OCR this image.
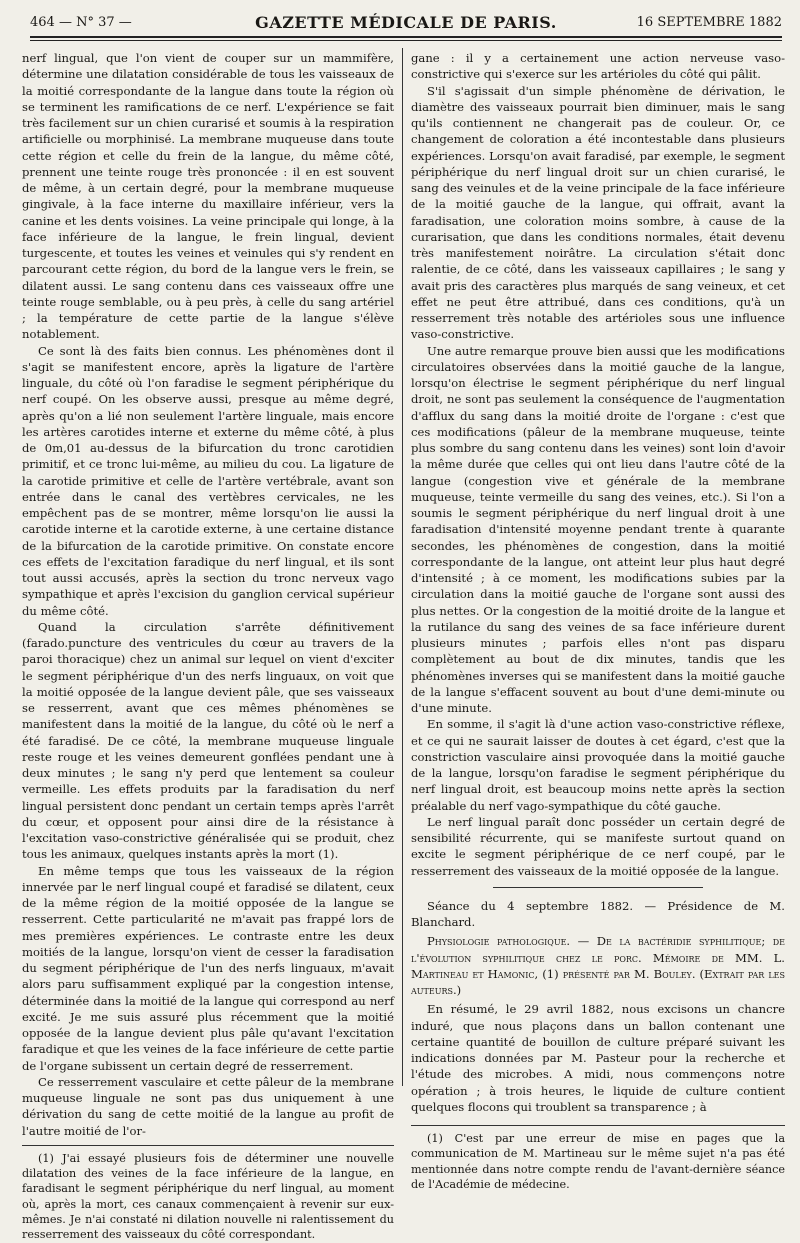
464 — N° 37 —	GAZETTE MÉDICALE DE PARIS.	16 SEPTEMBRE 1882

nerf lingual, que l'on vient de couper sur un mammifère, détermine une dilatation considérable de tous les vaisseaux de la moitié correspondante de la langue dans toute la région où se terminent les ramifications de ce nerf. L'expérience se fait très facilement sur un chien curarisé et soumis à la respiration artificielle ou morphinisé. La membrane muqueuse dans toute cette région et celle du frein de la langue, du même côté, prennent une teinte rouge très prononcée : il en est souvent de même, à un certain degré, pour la membrane muqueuse gingivale, à la face interne du maxillaire inférieur, vers la canine et les dents voisines. La veine principale qui longe, à la face inférieure de la langue, le frein lingual, devient turgescente, et toutes les veines et veinules qui s'y rendent en parcourant cette région, du bord de la langue vers le frein, se dilatent aussi. Le sang contenu dans ces vaisseaux offre une teinte rouge semblable, ou à peu près, à celle du sang artériel ; la température de cette partie de la langue s'élève notablement.

Ce sont là des faits bien connus. Les phénomènes dont il s'agit se manifestent encore, après la ligature de l'artère linguale, du côté où l'on faradise le segment périphérique du nerf coupé. On les observe aussi, presque au même degré, après qu'on a lié non seulement l'artère linguale, mais encore les artères carotides interne et externe du même côté, à plus de 0m,01 au-dessus de la bifurcation du tronc carotidien primitif, et ce tronc lui-même, au milieu du cou. La ligature de la carotide primitive et celle de l'artère vertébrale, avant son entrée dans le canal des vertèbres cervicales, ne les empêchent pas de se montrer, même lorsqu'on lie aussi la carotide interne et la carotide externe, à une certaine distance de la bifurcation de la carotide primitive. On constate encore ces effets de l'excitation faradique du nerf lingual, et ils sont tout aussi accusés, après la section du tronc nerveux vago sympathique et après l'excision du ganglion cervical supérieur du même côté.

Quand la circulation s'arrête définitivement (farado.puncture des ventricules du cœur au travers de la paroi thoracique) chez un animal sur lequel on vient d'exciter le segment périphérique d'un des nerfs linguaux, on voit que la moitié opposée de la langue devient pâle, que ses vaisseaux se resserrent, avant que ces mêmes phénomènes se manifestent dans la moitié de la langue, du côté où le nerf a été faradisé. De ce côté, la membrane muqueuse linguale reste rouge et les veines demeurent gonflées pendant une à deux minutes ; le sang n'y perd que lentement sa couleur vermeille. Les effets produits par la faradisation du nerf lingual persistent donc pendant un certain temps après l'arrêt du cœur, et opposent pour ainsi dire de la résistance à l'excitation vaso-constrictive généralisée qui se produit, chez tous les animaux, quelques instants après la mort (1).

En même temps que tous les vaisseaux de la région innervée par le nerf lingual coupé et faradisé se dilatent, ceux de la même région de la moitié opposée de la langue se resserrent. Cette particularité ne m'avait pas frappé lors de mes premières expériences. Le contraste entre les deux moitiés de la langue, lorsqu'on vient de cesser la faradisation du segment périphérique de l'un des nerfs linguaux, m'avait alors paru suffisamment expliqué par la congestion intense, déterminée dans la moitié de la langue qui correspond au nerf excité. Je me suis assuré plus récemment que la moitié opposée de la langue devient plus pâle qu'avant l'excitation faradique et que les veines de la face inférieure de cette partie de l'organe subissent un certain degré de resserrement.

Ce resserrement vasculaire et cette pâleur de la membrane muqueuse linguale ne sont pas dus uniquement à une dérivation du sang de cette moitié de la langue au profit de l'autre moitié de l'or-

(1) J'ai essayé plusieurs fois de déterminer une nouvelle dilatation des veines de la face inférieure de la langue, en faradisant le segment périphérique du nerf lingual, au moment où, après la mort, ces canaux commençaient à revenir sur eux-mêmes. Je n'ai constaté ni dilation nouvelle ni ralentissement du resserrement des vaisseaux du côté correspondant.

gane : il y a certainement une action nerveuse vaso-constrictive qui s'exerce sur les artérioles du côté qui pâlit.

S'il s'agissait d'un simple phénomène de dérivation, le diamètre des vaisseaux pourrait bien diminuer, mais le sang qu'ils contiennent ne changerait pas de couleur. Or, ce changement de coloration a été incontestable dans plusieurs expériences. Lorsqu'on avait faradisé, par exemple, le segment périphérique du nerf lingual droit sur un chien curarisé, le sang des veinules et de la veine principale de la face inférieure de la moitié gauche de la langue, qui offrait, avant la faradisation, une coloration moins sombre, à cause de la curarisation, que dans les conditions normales, était devenu très manifestement noirâtre. La circulation s'était donc ralentie, de ce côté, dans les vaisseaux capillaires ; le sang y avait pris des caractères plus marqués de sang veineux, et cet effet ne peut être attribué, dans ces conditions, qu'à un resserrement très notable des artérioles sous une influence vaso-constrictive.

Une autre remarque prouve bien aussi que les modifications circulatoires observées dans la moitié gauche de la langue, lorsqu'on électrise le segment périphérique du nerf lingual droit, ne sont pas seulement la conséquence de l'augmentation d'afflux du sang dans la moitié droite de l'organe : c'est que ces modifications (pâleur de la membrane muqueuse, teinte plus sombre du sang contenu dans les veines) sont loin d'avoir la même durée que celles qui ont lieu dans l'autre côté de la langue (congestion vive et générale de la membrane muqueuse, teinte vermeille du sang des veines, etc.). Si l'on a soumis le segment périphérique du nerf lingual droit à une faradisation d'intensité moyenne pendant trente à quarante secondes, les phénomènes de congestion, dans la moitié correspondante de la langue, ont atteint leur plus haut degré d'intensité ; à ce moment, les modifications subies par la circulation dans la moitié gauche de l'organe sont aussi des plus nettes. Or la congestion de la moitié droite de la langue et la rutilance du sang des veines de sa face inférieure durent plusieurs minutes ; parfois elles n'ont pas disparu complètement au bout de dix minutes, tandis que les phénomènes inverses qui se manifestent dans la moitié gauche de la langue s'effacent souvent au bout d'une demi-minute ou d'une minute.

En somme, il s'agit là d'une action vaso-constrictive réflexe, et ce qui ne saurait laisser de doutes à cet égard, c'est que la constriction vasculaire ainsi provoquée dans la moitié gauche de la langue, lorsqu'on faradise le segment périphérique du nerf lingual droit, est beaucoup moins nette après la section préalable du nerf vago-sympathique du côté gauche.

Le nerf lingual paraît donc posséder un certain degré de sensibilité récurrente, qui se manifeste surtout quand on excite le segment périphérique de ce nerf coupé, par le resserrement des vaisseaux de la moitié opposée de la langue.

Séance du 4 septembre 1882. — Présidence de M. Blanchard.

Physiologie pathologique. — De la bactéridie syphilitique; de l'évolution syphilitique chez le porc. Mémoire de MM. L. Martineau et Hamonic, (1) présenté par M. Bouley. (Extrait par les auteurs.)

En résumé, le 29 avril 1882, nous excisons un chancre induré, que nous plaçons dans un ballon contenant une certaine quantité de bouillon de culture préparé suivant les indications données par M. Pasteur pour la recherche et l'étude des microbes. A midi, nous commençons notre opération ; à trois heures, le liquide de culture contient quelques flocons qui troublent sa transparence ; à

(1) C'est par une erreur de mise en pages que la communication de M. Martineau sur le même sujet n'a pas été mentionnée dans notre compte rendu de l'avant-dernière séance de l'Académie de médecine.
